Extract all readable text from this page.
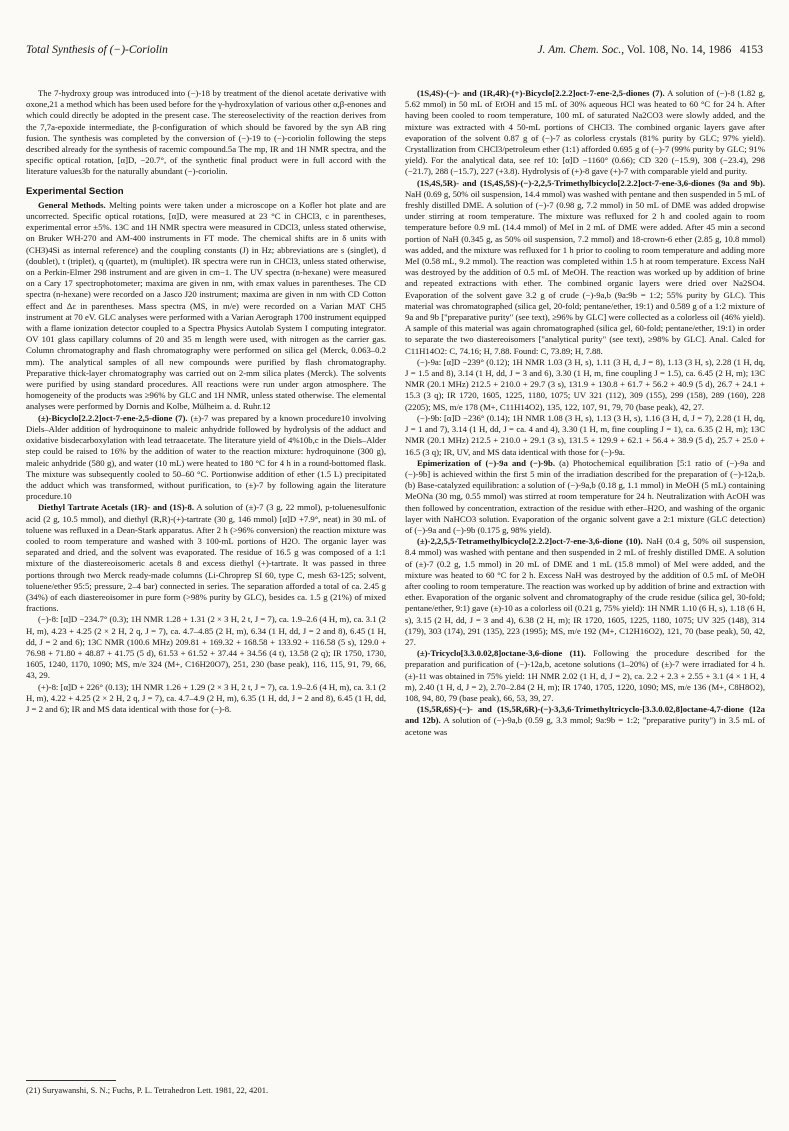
Total Synthesis of (−)-Coriolin	J. Am. Chem. Soc., Vol. 108, No. 14, 1986 4153

The 7-hydroxy group was introduced into (−)-18 by treatment of the dienol acetate derivative with oxone,21 a method which has been used before for the γ-hydroxylation of various other α,β-enones and which could directly be adopted in the present case. The stereoselectivity of the reaction derives from the 7,7a-epoxide intermediate, the β-configuration of which should be favored by the syn AB ring fusion. The synthesis was completed by the conversion of (−)-19 to (−)-coriolin following the steps described already for the synthesis of racemic compound.5a The mp, IR and 1H NMR spectra, and the specific optical rotation, [α]D, −20.7°, of the synthetic final product were in full accord with the literature values3b for the naturally abundant (−)-coriolin.

Experimental Section

General Methods. Melting points were taken under a microscope on a Kofler hot plate and are uncorrected. Specific optical rotations, [α]D, were measured at 23 °C in CHCl3, c in parentheses, experimental error ±5%. 13C and 1H NMR spectra were measured in CDCl3, unless stated otherwise, on Bruker WH-270 and AM-400 instruments in FT mode. The chemical shifts are in δ units with (CH3)4Si as internal reference) and the coupling constants (J) in Hz; abbreviations are s (singlet), d (doublet), t (triplet), q (quartet), m (multiplet). IR spectra were run in CHCl3, unless stated otherwise, on a Perkin-Elmer 298 instrument and are given in cm−1. The UV spectra (n-hexane) were measured on a Cary 17 spectrophotometer; maxima are given in nm, with εmax values in parentheses. The CD spectra (n-hexane) were recorded on a Jasco J20 instrument; maxima are given in nm with CD Cotton effect and Δε in parentheses. Mass spectra (MS, in m/e) were recorded on a Varian MAT CH5 instrument at 70 eV. GLC analyses were performed with a Varian Aerograph 1700 instrument equipped with a flame ionization detector coupled to a Spectra Physics Autolab System I computing integrator. OV 101 glass capillary columns of 20 and 35 m length were used, with nitrogen as the carrier gas. Column chromatography and flash chromatography were performed on silica gel (Merck, 0.063–0.2 mm). The analytical samples of all new compounds were purified by flash chromatography. Preparative thick-layer chromatography was carried out on 2-mm silica plates (Merck). The solvents were purified by using standard procedures. All reactions were run under argon atmosphere. The homogeneity of the products was ≥96% by GLC and 1H NMR, unless stated otherwise. The elemental analyses were performed by Dornis and Kolbe, Mülheim a. d. Ruhr.12

(±)-Bicyclo[2.2.2]oct-7-ene-2,5-dione (7). (±)-7 was prepared by a known procedure10 involving Diels–Alder addition of hydroquinone to maleic anhydride followed by hydrolysis of the adduct and oxidative bisdecarboxylation with lead tetraacetate. The literature yield of 4%10b,c in the Diels–Alder step could be raised to 16% by the addition of water to the reaction mixture: hydroquinone (300 g), maleic anhydride (580 g), and water (10 mL) were heated to 180 °C for 4 h in a round-bottomed flask. The mixture was subsequently cooled to 50–60 °C. Portionwise addition of ether (1.5 L) precipitated the adduct which was transformed, without purification, to (±)-7 by following again the literature procedure.10

Diethyl Tartrate Acetals (1R)- and (1S)-8. A solution of (±)-7 (3 g, 22 mmol), p-toluenesulfonic acid (2 g, 10.5 mmol), and diethyl (R,R)-(+)-tartrate (30 g, 146 mmol) [α]D +7.9°, neat) in 30 mL of toluene was refluxed in a Dean-Stark apparatus. After 2 h (>96% conversion) the reaction mixture was cooled to room temperature and washed with 3 100-mL portions of H2O. The organic layer was separated and dried, and the solvent was evaporated. The residue of 16.5 g was composed of a 1:1 mixture of the diastereoisomeric acetals 8 and excess diethyl (+)-tartrate. It was passed in three portions through two Merck ready-made columns (Li-Chroprep SI 60, type C, mesh 63-125; solvent, toluene/ether 95:5; pressure, 2–4 bar) connected in series. The separation afforded a total of ca. 2.45 g (34%) of each diastereoisomer in pure form (>98% purity by GLC), besides ca. 1.5 g (21%) of mixed fractions.

(−)-8: [α]D −234.7° (0.3); 1H NMR 1.28 + 1.31 (2 × 3 H, 2 t, J = 7), ca. 1.9–2.6 (4 H, m), ca. 3.1 (2 H, m), 4.23 + 4.25 (2 × 2 H, 2 q, J = 7), ca. 4.7–4.85 (2 H, m), 6.34 (1 H, dd, J = 2 and 8), 6.45 (1 H, dd, J = 2 and 6); 13C NMR (100.6 MHz) 209.81 + 169.32 + 168.58 + 133.92 + 116.58 (5 s), 129.0 + 76.98 + 71.80 + 48.87 + 41.75 (5 d), 61.53 + 61.52 + 37.44 + 34.56 (4 t), 13.58 (2 q); IR 1750, 1730, 1605, 1240, 1170, 1090; MS, m/e 324 (M+, C16H20O7), 251, 230 (base peak), 116, 115, 91, 79, 66, 43, 29.

(+)-8: [α]D + 226° (0.13); 1H NMR 1.26 + 1.29 (2 × 3 H, 2 t, J = 7), ca. 1.9–2.6 (4 H, m), ca. 3.1 (2 H, m), 4.22 + 4.25 (2 × 2 H, 2 q, J = 7), ca. 4.7–4.9 (2 H, m), 6.35 (1 H, dd, J = 2 and 8), 6.45 (1 H, dd, J = 2 and 6); IR and MS data identical with those for (−)-8.

(21) Suryawanshi, S. N.; Fuchs, P. L. Tetrahedron Lett. 1981, 22, 4201.

(1S,4S)-(−)- and (1R,4R)-(+)-Bicyclo[2.2.2]oct-7-ene-2,5-diones (7). A solution of (−)-8 (1.82 g, 5.62 mmol) in 50 mL of EtOH and 15 mL of 30% aqueous HCl was heated to 60 °C for 24 h. After having been cooled to room temperature, 100 mL of saturated Na2CO3 were slowly added, and the mixture was extracted with 4 50-mL portions of CHCl3. The combined organic layers gave after evaporation of the solvent 0.87 g of (−)-7 as colorless crystals (81% purity by GLC; 97% yield). Crystallization from CHCl3/petroleum ether (1:1) afforded 0.695 g of (−)-7 (99% purity by GLC; 91% yield). For the analytical data, see ref 10: [α]D −1160° (0.66); CD 320 (−15.9), 308 (−23.4), 298 (−21.7), 288 (−15.7), 227 (+3.8). Hydrolysis of (+)-8 gave (+)-7 with comparable yield and purity.

(1S,4S,5R)- and (1S,4S,5S)-(−)-2,2,5-Trimethylbicyclo[2.2.2]oct-7-ene-3,6-diones (9a and 9b). NaH (0.69 g, 50% oil suspension, 14.4 mmol) was washed with pentane and then suspended in 5 mL of freshly distilled DME. A solution of (−)-7 (0.98 g, 7.2 mmol) in 50 mL of DME was added dropwise under stirring at room temperature. The mixture was refluxed for 2 h and cooled again to room temperature before 0.9 mL (14.4 mmol) of MeI in 2 mL of DME were added. After 45 min a second portion of NaH (0.345 g, as 50% oil suspension, 7.2 mmol) and 18-crown-6 ether (2.85 g, 10.8 mmol) was added, and the mixture was refluxed for 1 h prior to cooling to room temperature and adding more MeI (0.58 mL, 9.2 mmol). The reaction was completed within 1.5 h at room temperature. Excess NaH was destroyed by the addition of 0.5 mL of MeOH. The reaction was worked up by addition of brine and repeated extractions with ether. The combined organic layers were dried over Na2SO4. Evaporation of the solvent gave 3.2 g of crude (−)-9a,b (9a:9b = 1:2; 55% purity by GLC). This material was chromatographed (silica gel, 20-fold; pentane/ether, 19:1) and 0.589 g of a 1:2 mixture of 9a and 9b ["preparative purity" (see text), ≥96% by GLC] were collected as a colorless oil (46% yield). A sample of this material was again chromatographed (silica gel, 60-fold; pentane/ether, 19:1) in order to separate the two diastereoisomers ["analytical purity" (see text), ≥98% by GLC]. Anal. Calcd for C11H14O2: C, 74.16; H, 7.88. Found: C, 73.89; H, 7.88.

(−)-9a: [α]D −239° (0.12); 1H NMR 1.03 (3 H, s), 1.11 (3 H, d, J = 8), 1.13 (3 H, s), 2.28 (1 H, dq, J = 1.5 and 8), 3.14 (1 H, dd, J = 3 and 6), 3.30 (1 H, m, fine coupling J = 1.5), ca. 6.45 (2 H, m); 13C NMR (20.1 MHz) 212.5 + 210.0 + 29.7 (3 s), 131.9 + 130.8 + 61.7 + 56.2 + 40.9 (5 d), 26.7 + 24.1 + 15.3 (3 q); IR 1720, 1605, 1225, 1180, 1075; UV 321 (112), 309 (155), 299 (158), 289 (160), 228 (2205); MS, m/e 178 (M+, C11H14O2), 135, 122, 107, 91, 79, 70 (base peak), 42, 27.

(−)-9b: [α]D −236° (0.14); 1H NMR 1.08 (3 H, s), 1.13 (3 H, s), 1.16 (3 H, d, J = 7), 2.28 (1 H, dq, J = 1 and 7), 3.14 (1 H, dd, J = ca. 4 and 4), 3.30 (1 H, m, fine coupling J = 1), ca. 6.35 (2 H, m); 13C NMR (20.1 MHz) 212.5 + 210.0 + 29.1 (3 s), 131.5 + 129.9 + 62.1 + 56.4 + 38.9 (5 d), 25.7 + 25.0 + 16.5 (3 q); IR, UV, and MS data identical with those for (−)-9a.

Epimerization of (−)-9a and (−)-9b. (a) Photochemical equilibration [5:1 ratio of (−)-9a and (−)-9b] is achieved within the first 5 min of the irradiation described for the preparation of (−)-12a,b. (b) Base-catalyzed equilibration: a solution of (−)-9a,b (0.18 g, 1.1 mmol) in MeOH (5 mL) containing MeONa (30 mg, 0.55 mmol) was stirred at room temperature for 24 h. Neutralization with AcOH was then followed by concentration, extraction of the residue with ether–H2O, and washing of the organic layer with NaHCO3 solution. Evaporation of the organic solvent gave a 2:1 mixture (GLC detection) of (−)-9a and (−)-9b (0.175 g, 98% yield).

(±)-2,2,5,5-Tetramethylbicyclo[2.2.2]oct-7-ene-3,6-dione (10). NaH (0.4 g, 50% oil suspension, 8.4 mmol) was washed with pentane and then suspended in 2 mL of freshly distilled DME. A solution of (±)-7 (0.2 g, 1.5 mmol) in 20 mL of DME and 1 mL (15.8 mmol) of MeI were added, and the mixture was heated to 60 °C for 2 h. Excess NaH was destroyed by the addition of 0.5 mL of MeOH after cooling to room temperature. The reaction was worked up by addition of brine and extraction with ether. Evaporation of the organic solvent and chromatography of the crude residue (silica gel, 30-fold; pentane/ether, 9:1) gave (±)-10 as a colorless oil (0.21 g, 75% yield): 1H NMR 1.10 (6 H, s), 1.18 (6 H, s), 3.15 (2 H, dd, J = 3 and 4), 6.38 (2 H, m); IR 1720, 1605, 1225, 1180, 1075; UV 325 (148), 314 (179), 303 (174), 291 (135), 223 (1995); MS, m/e 192 (M+, C12H16O2), 121, 70 (base peak), 50, 42, 27.

(±)-Tricyclo[3.3.0.02,8]octane-3,6-dione (11). Following the procedure described for the preparation and purification of (−)-12a,b, acetone solutions (1–20%) of (±)-7 were irradiated for 4 h. (±)-11 was obtained in 75% yield: 1H NMR 2.02 (1 H, d, J = 2), ca. 2.2 + 2.3 + 2.55 + 3.1 (4 × 1 H, 4 m), 2.40 (1 H, d, J = 2), 2.70–2.84 (2 H, m); IR 1740, 1705, 1220, 1090; MS, m/e 136 (M+, C8H8O2), 108, 94, 80, 79 (base peak), 66, 53, 39, 27.

(1S,5R,6S)-(−)- and (1S,5R,6R)-(−)-3,3,6-Trimethyltricyclo-[3.3.0.02,8]octane-4,7-dione (12a and 12b). A solution of (−)-9a,b (0.59 g, 3.3 mmol; 9a:9b = 1:2; "preparative purity") in 3.5 mL of acetone was
